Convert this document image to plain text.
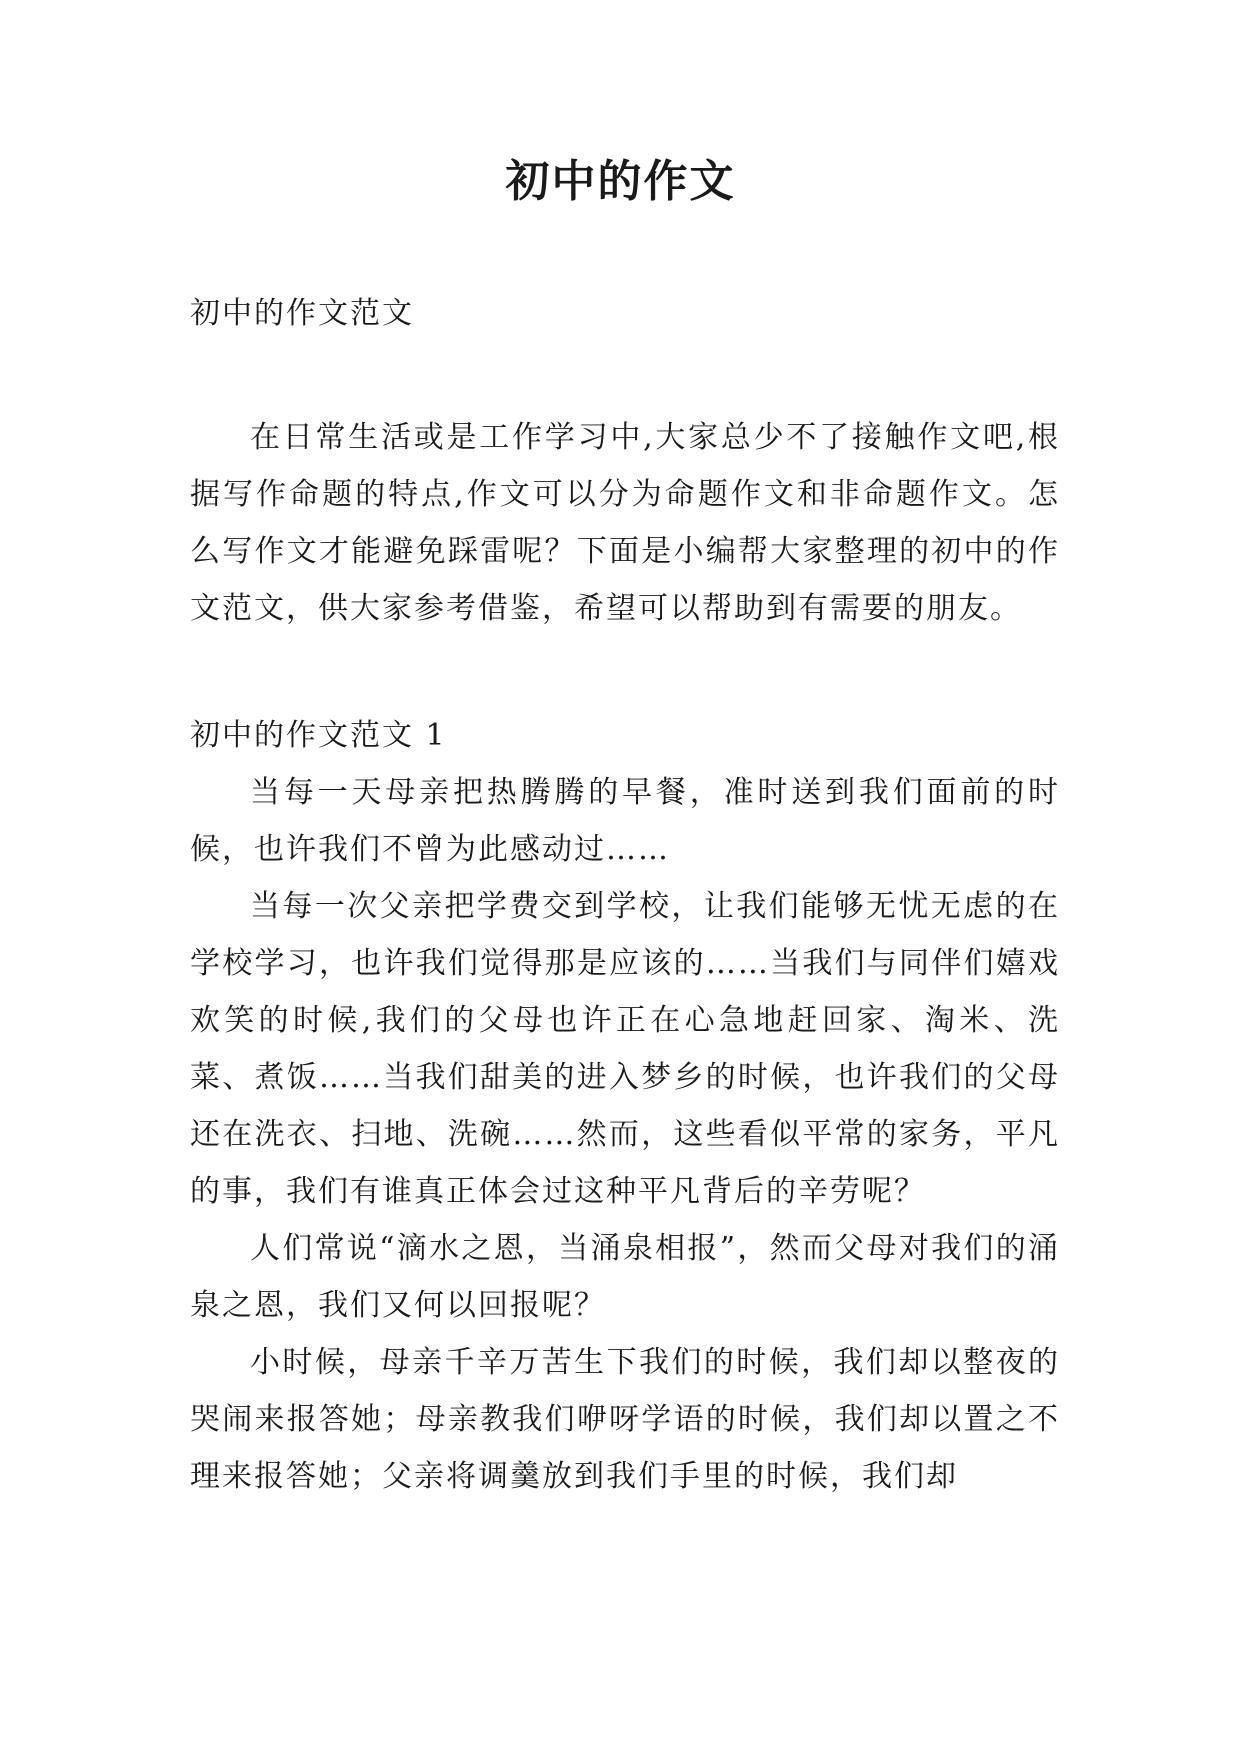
初中的作文

初中的作文范文

在日常生活或是工作学习中,大家总少不了接触作文吧,根据写作命题的特点,作文可以分为命题作文和非命题作文。怎么写作文才能避免踩雷呢？下面是小编帮大家整理的初中的作文范文，供大家参考借鉴，希望可以帮助到有需要的朋友。

初中的作文范文 1

当每一天母亲把热腾腾的早餐，准时送到我们面前的时候，也许我们不曾为此感动过……

当每一次父亲把学费交到学校，让我们能够无忧无虑的在学校学习，也许我们觉得那是应该的……当我们与同伴们嬉戏欢笑的时候,我们的父母也许正在心急地赶回家、淘米、洗菜、煮饭……当我们甜美的进入梦乡的时候，也许我们的父母还在洗衣、扫地、洗碗……然而，这些看似平常的家务，平凡的事，我们有谁真正体会过这种平凡背后的辛劳呢？

人们常说“滴水之恩，当涌泉相报”，然而父母对我们的涌泉之恩，我们又何以回报呢？

小时候，母亲千辛万苦生下我们的时候，我们却以整夜的哭闹来报答她；母亲教我们咿呀学语的时候，我们却以置之不理来报答她；父亲将调羹放到我们手里的时候，我们却
